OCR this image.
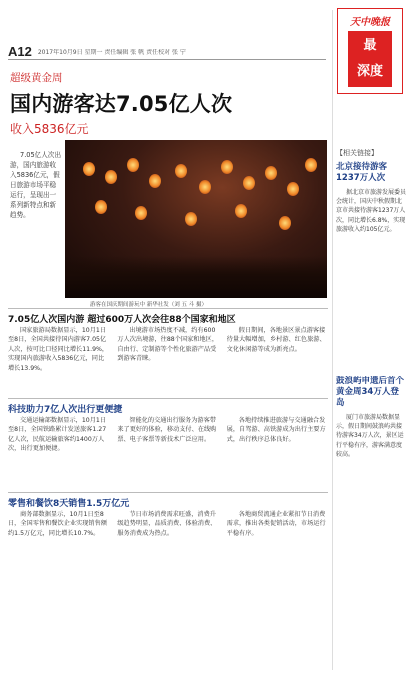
A12 2017年10月9日 星期一 责任编辑 张 帆 责任校对 张 宁
天中晚报
最
深度
超级黄金周
国内游客达7.05亿人次
收入5836亿元

7.05亿人次出游，国内旅游收入5836亿元，假日旅游市场平稳运行，呈现出一系列新特点和新趋势。

游客在国庆期间游玩中 新华社发（刘 五 斗 摄）
7.05亿人次国内游 超过600万人次会往88个国家和地区

国家旅游局数据显示，10月1日至8日，全国共接待国内游客7.05亿人次，按可比口径同比增长11.9%，实现国内旅游收入5836亿元，同比增长13.9%。

出境游市场热度不减，约有600万人次出境游，往88个国家和地区，自由行、定制游等个性化旅游产品受到游客青睐。

假日期间，各地景区景点游客接待量大幅增加，乡村游、红色旅游、文化休闲游等成为新亮点。

科技助力7亿人次出行更便捷

交通运输部数据显示，10月1日至8日，全国铁路累计发送旅客1.27亿人次，民航运输旅客约1400万人次，出行更加便捷。

智能化的交通出行服务为游客带来了更好的体验，移动支付、在线购票、电子客票等新技术广泛应用。

各地持续推进旅游与交通融合发展，自驾游、高铁游成为出行主要方式，出行秩序总体良好。

零售和餐饮8天销售1.5万亿元

商务部数据显示，10月1日至8日，全国零售和餐饮企业实现销售额约1.5万亿元，同比增长10.7%。

节日市场消费需求旺盛，消费升级趋势明显，品质消费、体验消费、服务消费成为热点。

各地商贸流通企业紧扣节日消费需求，推出各类促销活动，市场运行平稳有序。

【相关链接】
北京接待游客1237万人次

据北京市旅游发展委员会统计，国庆中秋假期北京市共接待游客1237万人次，同比增长6.8%，实现旅游收入约105亿元。

鼓浪屿申遗后首个黄金周34万人登岛

厦门市旅游局数据显示，假日期间鼓浪屿共接待游客34万人次，景区运行平稳有序，游客满意度较高。
